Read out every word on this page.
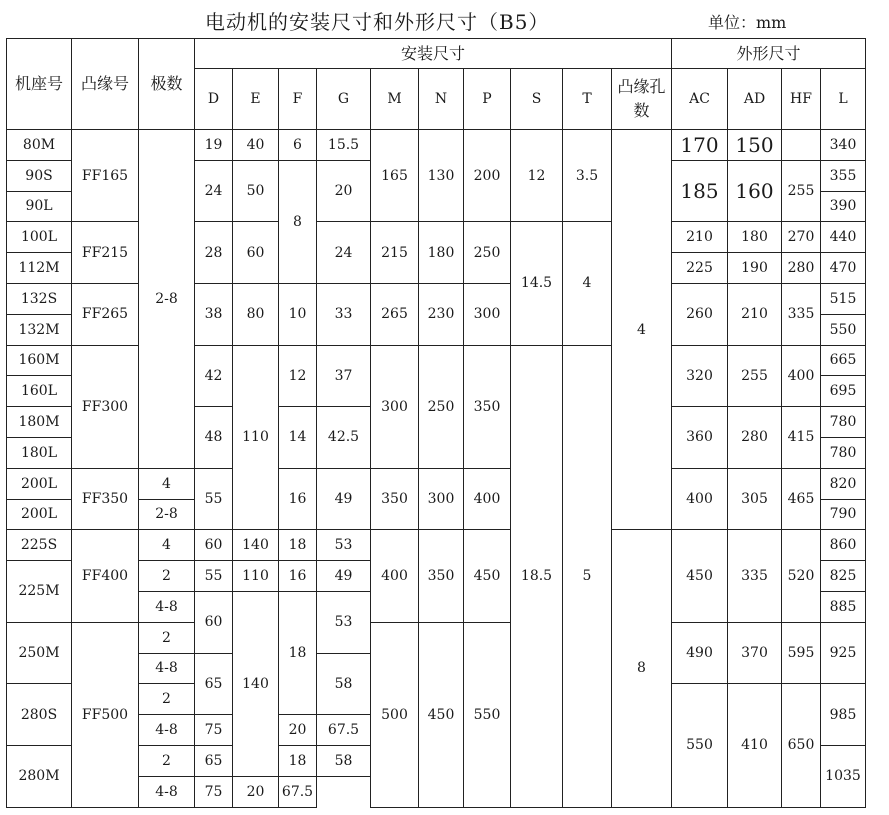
电动机的安装尺寸和外形尺寸（B5）	单位：mm
机座号	凸缘号	极数	安装尺寸										外形尺寸			
			D	E	F	G	M	N	P	S	T	凸缘孔数	AC	AD	HF	L

80M	FF165	2-8	19	40	6	15.5	165	130	200	12	3.5	4	170	150		340
90S			24	50	8	20							185	160	255	355
90L																390
100L	FF215		28	60		24	215	180	250	14.5	4		210	180	270	440
112M													225	190	280	470
132S	FF265		38	80	10	33	265	230	300				260	210	335	515
132M																550
160M	FF300		42	110	12	37	300	250	350	18.5	5		320	255	400	665
160L																695
180M			48		14	42.5							360	280	415	780
180L																780
200L	FF350	4	55		16	49	350	300	400				400	305	465	820
200L		2-8														790
225S	FF400	4	60	140	18	53	400	350	450			8	450	335	520	860
225M		2	55	110	16	49										825
		4-8	60	140	18	53										885
250M	FF500	2					500	450	550				490	370	595	925
		4-8	65			58										
280S		2											550	410	650	985
		4-8	75		20	67.5										
280M		2	65		18	58										1035
		4-8	75	20	67.5											
